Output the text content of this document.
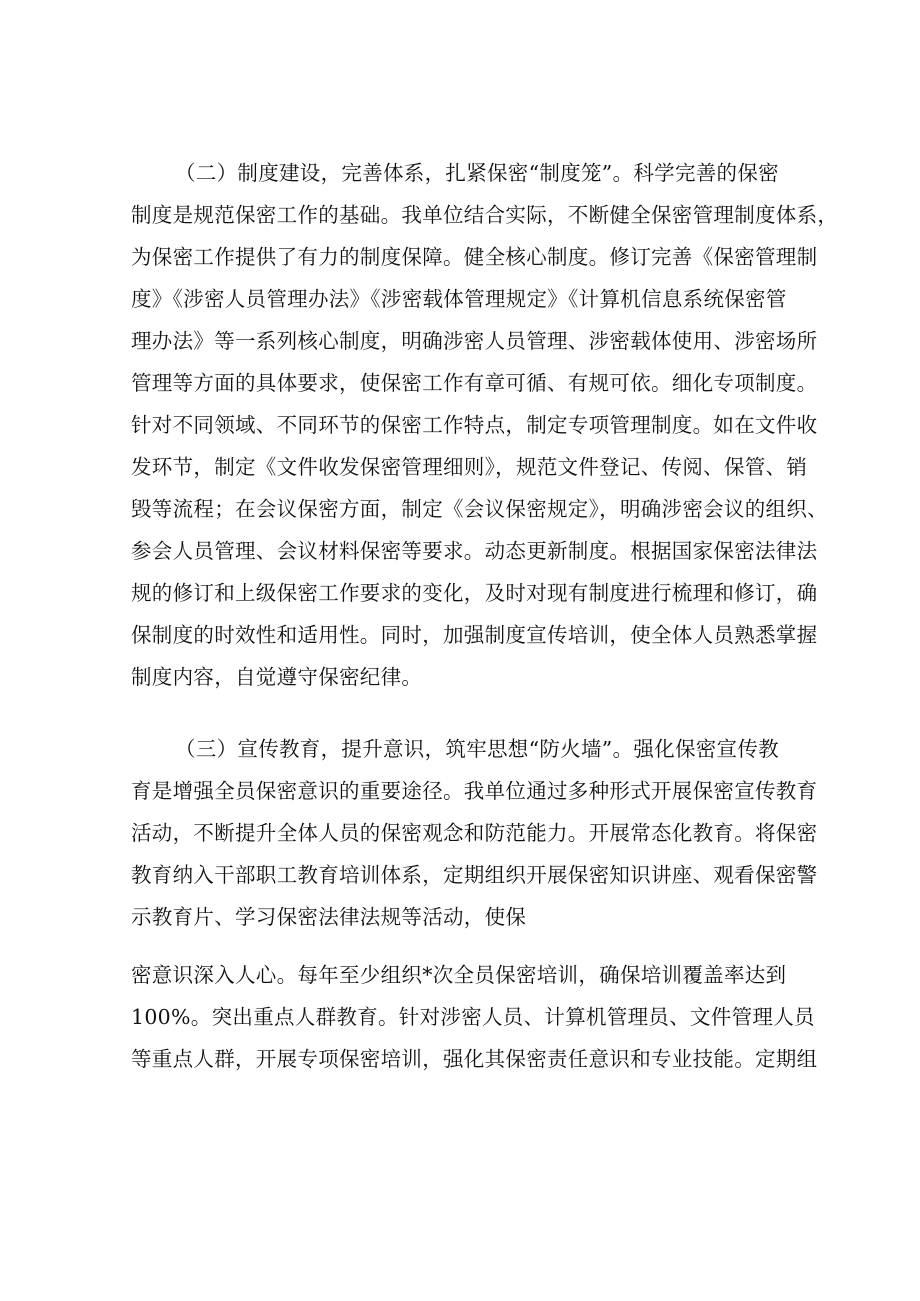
（二）制度建设，完善体系，扎紧保密“制度笼”。科学完善的保密
制度是规范保密工作的基础。我单位结合实际，不断健全保密管理制度体系，
为保密工作提供了有力的制度保障。健全核心制度。修订完善《保密管理制
度》《涉密人员管理办法》《涉密载体管理规定》《计算机信息系统保密管
理办法》等一系列核心制度，明确涉密人员管理、涉密载体使用、涉密场所
管理等方面的具体要求，使保密工作有章可循、有规可依。细化专项制度。
针对不同领域、不同环节的保密工作特点，制定专项管理制度。如在文件收
发环节，制定《文件收发保密管理细则》，规范文件登记、传阅、保管、销
毁等流程；在会议保密方面，制定《会议保密规定》，明确涉密会议的组织、
参会人员管理、会议材料保密等要求。动态更新制度。根据国家保密法律法
规的修订和上级保密工作要求的变化，及时对现有制度进行梳理和修订，确
保制度的时效性和适用性。同时，加强制度宣传培训，使全体人员熟悉掌握
制度内容，自觉遵守保密纪律。
（三）宣传教育，提升意识，筑牢思想“防火墙”。强化保密宣传教
育是增强全员保密意识的重要途径。我单位通过多种形式开展保密宣传教育
活动，不断提升全体人员的保密观念和防范能力。开展常态化教育。将保密
教育纳入干部职工教育培训体系，定期组织开展保密知识讲座、观看保密警
示教育片、学习保密法律法规等活动，使保
密意识深入人心。每年至少组织*次全员保密培训，确保培训覆盖率达到
100%。突出重点人群教育。针对涉密人员、计算机管理员、文件管理人员
等重点人群，开展专项保密培训，强化其保密责任意识和专业技能。定期组
